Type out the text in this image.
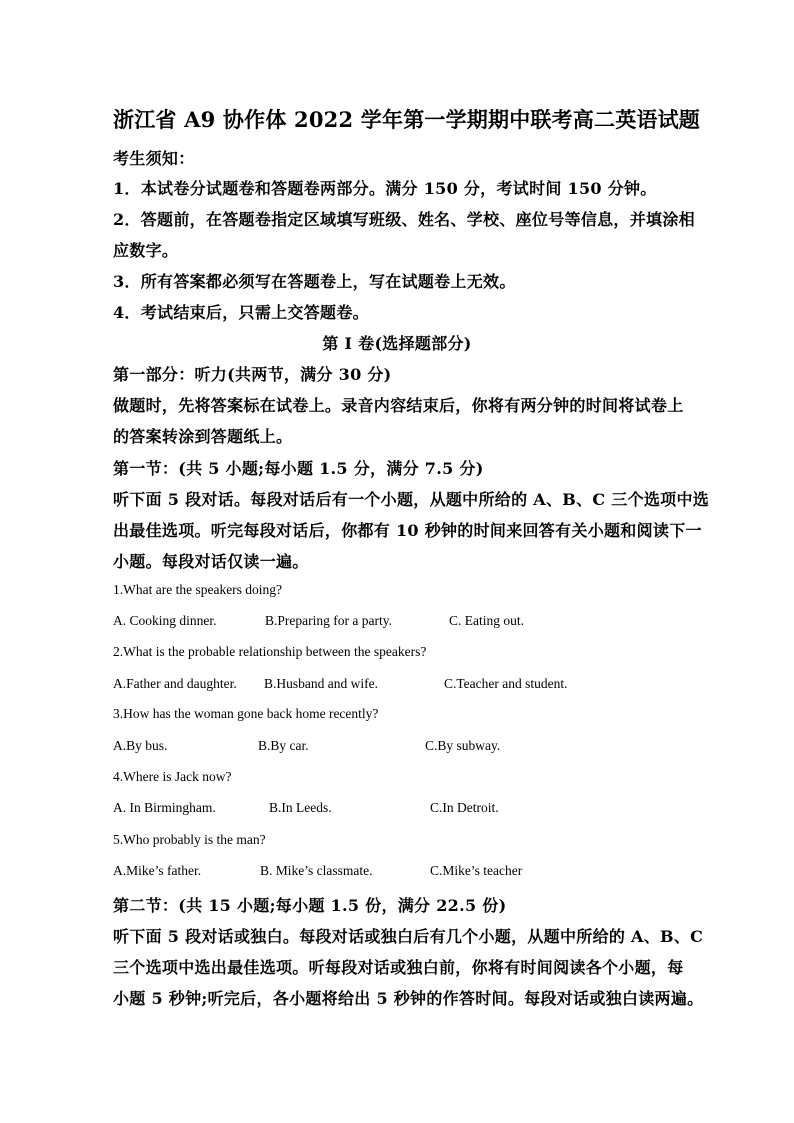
浙江省 A9 协作体 2022 学年第一学期期中联考高二英语试题
考生须知：
1．本试卷分试题卷和答题卷两部分。满分 150 分，考试时间 150 分钟。
2．答题前，在答题卷指定区域填写班级、姓名、学校、座位号等信息，并填涂相
应数字。
3．所有答案都必须写在答题卷上，写在试题卷上无效。
4．考试结束后，只需上交答题卷。
第 I 卷(选择题部分)
第一部分：听力(共两节，满分 30 分)
做题时，先将答案标在试卷上。录音内容结束后，你将有两分钟的时间将试卷上
的答案转涂到答题纸上。
第一节：(共 5 小题;每小题 1.5 分，满分 7.5 分)
听下面 5 段对话。每段对话后有一个小题，从题中所给的 A、B、C 三个选项中选
出最佳选项。听完每段对话后，你都有 10 秒钟的时间来回答有关小题和阅读下一
小题。每段对话仅读一遍。
1.What are the speakers doing?
A. Cooking dinner.	B.Preparing for a party.	C. Eating out.
2.What is the probable relationship between the speakers?
A.Father and daughter. B.Husband and wife.	C.Teacher and student.
3.How has the woman gone back home recently?
A.By bus.	B.By car.	C.By subway.
4.Where is Jack now?
A. In Birmingham.	B.In Leeds.	C.In Detroit.
5.Who probably is the man?
A.Mike’s father.	B. Mike’s classmate.	C.Mike’s teacher
第二节：(共 15 小题;每小题 1.5 份，满分 22.5 份)
听下面 5 段对话或独白。每段对话或独白后有几个小题，从题中所给的 A、B、C
三个选项中选出最佳选项。听每段对话或独白前，你将有时间阅读各个小题，每
小题 5 秒钟;听完后，各小题将给出 5 秒钟的作答时间。每段对话或独白读两遍。
